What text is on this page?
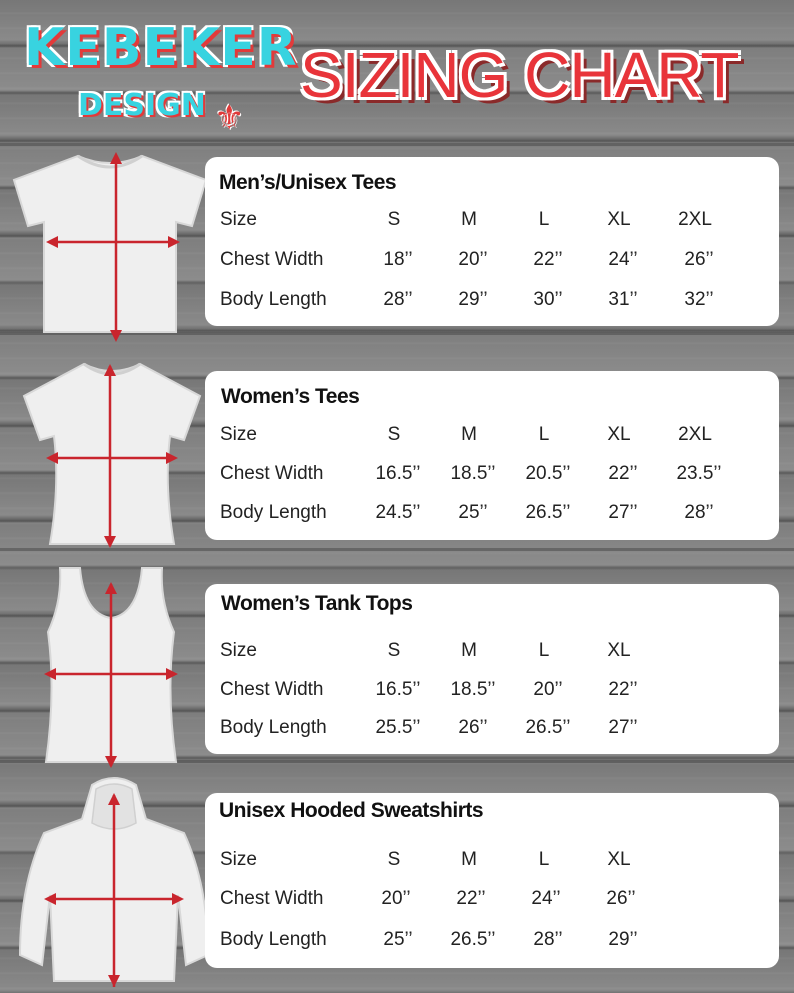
KEBEKER
DESIGN ⚜
SIZING CHART
Men’s/Unisex Tees
Size	S	M	L	XL 2XL
Chest Width	18’’ 20’’ 22’’ 24’’ 26’’
Body Length	28’’ 29’’ 30’’ 31’’ 32’’
Women’s Tees
Size	S	M	L	XL 2XL
Chest Width	16.5’’ 18.5’’ 20.5’’ 22’’ 23.5’’
Body Length	24.5’’ 25’’ 26.5’’ 27’’ 28’’
Women’s Tank Tops
Size	S	M	L	XL
Chest Width	16.5’’ 18.5’’ 20’’ 22’’
Body Length	25.5’’ 26’’ 26.5’’ 27’’
Unisex Hooded Sweatshirts
Size	S	M	L	XL
Chest Width	20’’ 22’’ 24’’ 26’’
Body Length	25’’ 26.5’’ 28’’ 29’’
